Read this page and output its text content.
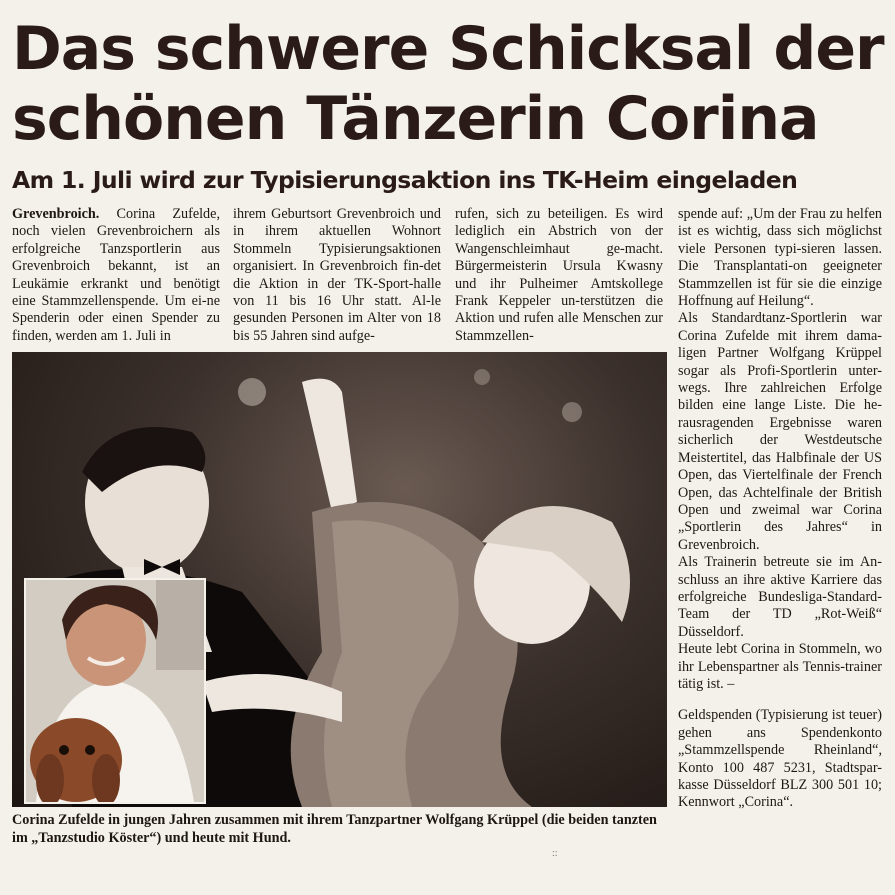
Das schwere Schicksal der
schönen Tänzerin Corina
Am 1. Juli wird zur Typisierungsaktion ins TK-Heim eingeladen

Grevenbroich. Corina Zufelde, noch vielen Grevenbroichern als erfolgreiche Tanzsportlerin aus Grevenbroich bekannt, ist an Leukämie erkrankt und benötigt eine Stammzellenspende. Um ei-ne Spenderin oder einen Spender zu finden, werden am 1. Juli in

ihrem Geburtsort Grevenbroich und in ihrem aktuellen Wohnort Stommeln Typisierungsaktionen organisiert. In Grevenbroich fin-det die Aktion in der TK-Sport-halle von 11 bis 16 Uhr statt. Al-le gesunden Personen im Alter von 18 bis 55 Jahren sind aufge-

rufen, sich zu beteiligen. Es wird lediglich ein Abstrich von der Wangenschleimhaut ge-macht. Bürgermeisterin Ursula Kwasny und ihr Pulheimer Amtskollege Frank Keppeler un-terstützen die Aktion und rufen alle Menschen zur Stammzellen-

spende auf: „Um der Frau zu helfen ist es wichtig, dass sich möglichst viele Personen typi-sieren lassen. Die Transplantati-on geeigneter Stammzellen ist für sie die einzige Hoffnung auf Heilung“.

Als Standardtanz-Sportlerin war Corina Zufelde mit ihrem dama-ligen Partner Wolfgang Krüppel sogar als Profi-Sportlerin unter-wegs. Ihre zahlreichen Erfolge bilden eine lange Liste. Die he-rausragenden Ergebnisse waren sicherlich der Westdeutsche Meistertitel, das Halbfinale der US Open, das Viertelfinale der French Open, das Achtelfinale der British Open und zweimal war Corina „Sportlerin des Jahres“ in Grevenbroich.

Als Trainerin betreute sie im An-schluss an ihre aktive Karriere das erfolgreiche Bundesliga-Standard-Team der TD „Rot-Weiß“ Düsseldorf.

Heute lebt Corina in Stommeln, wo ihr Lebenspartner als Tennis-trainer tätig ist. –

Geldspenden (Typisierung ist teuer) gehen ans Spendenkonto „Stammzellspende Rheinland“, Konto 100 487 5231, Stadtspar-kasse Düsseldorf BLZ 300 501 10; Kennwort „Corina“.

Corina Zufelde in jungen Jahren zusammen mit ihrem Tanzpartner Wolfgang Krüppel (die beiden tanzten im „Tanzstudio Köster“) und heute mit Hund.

::
